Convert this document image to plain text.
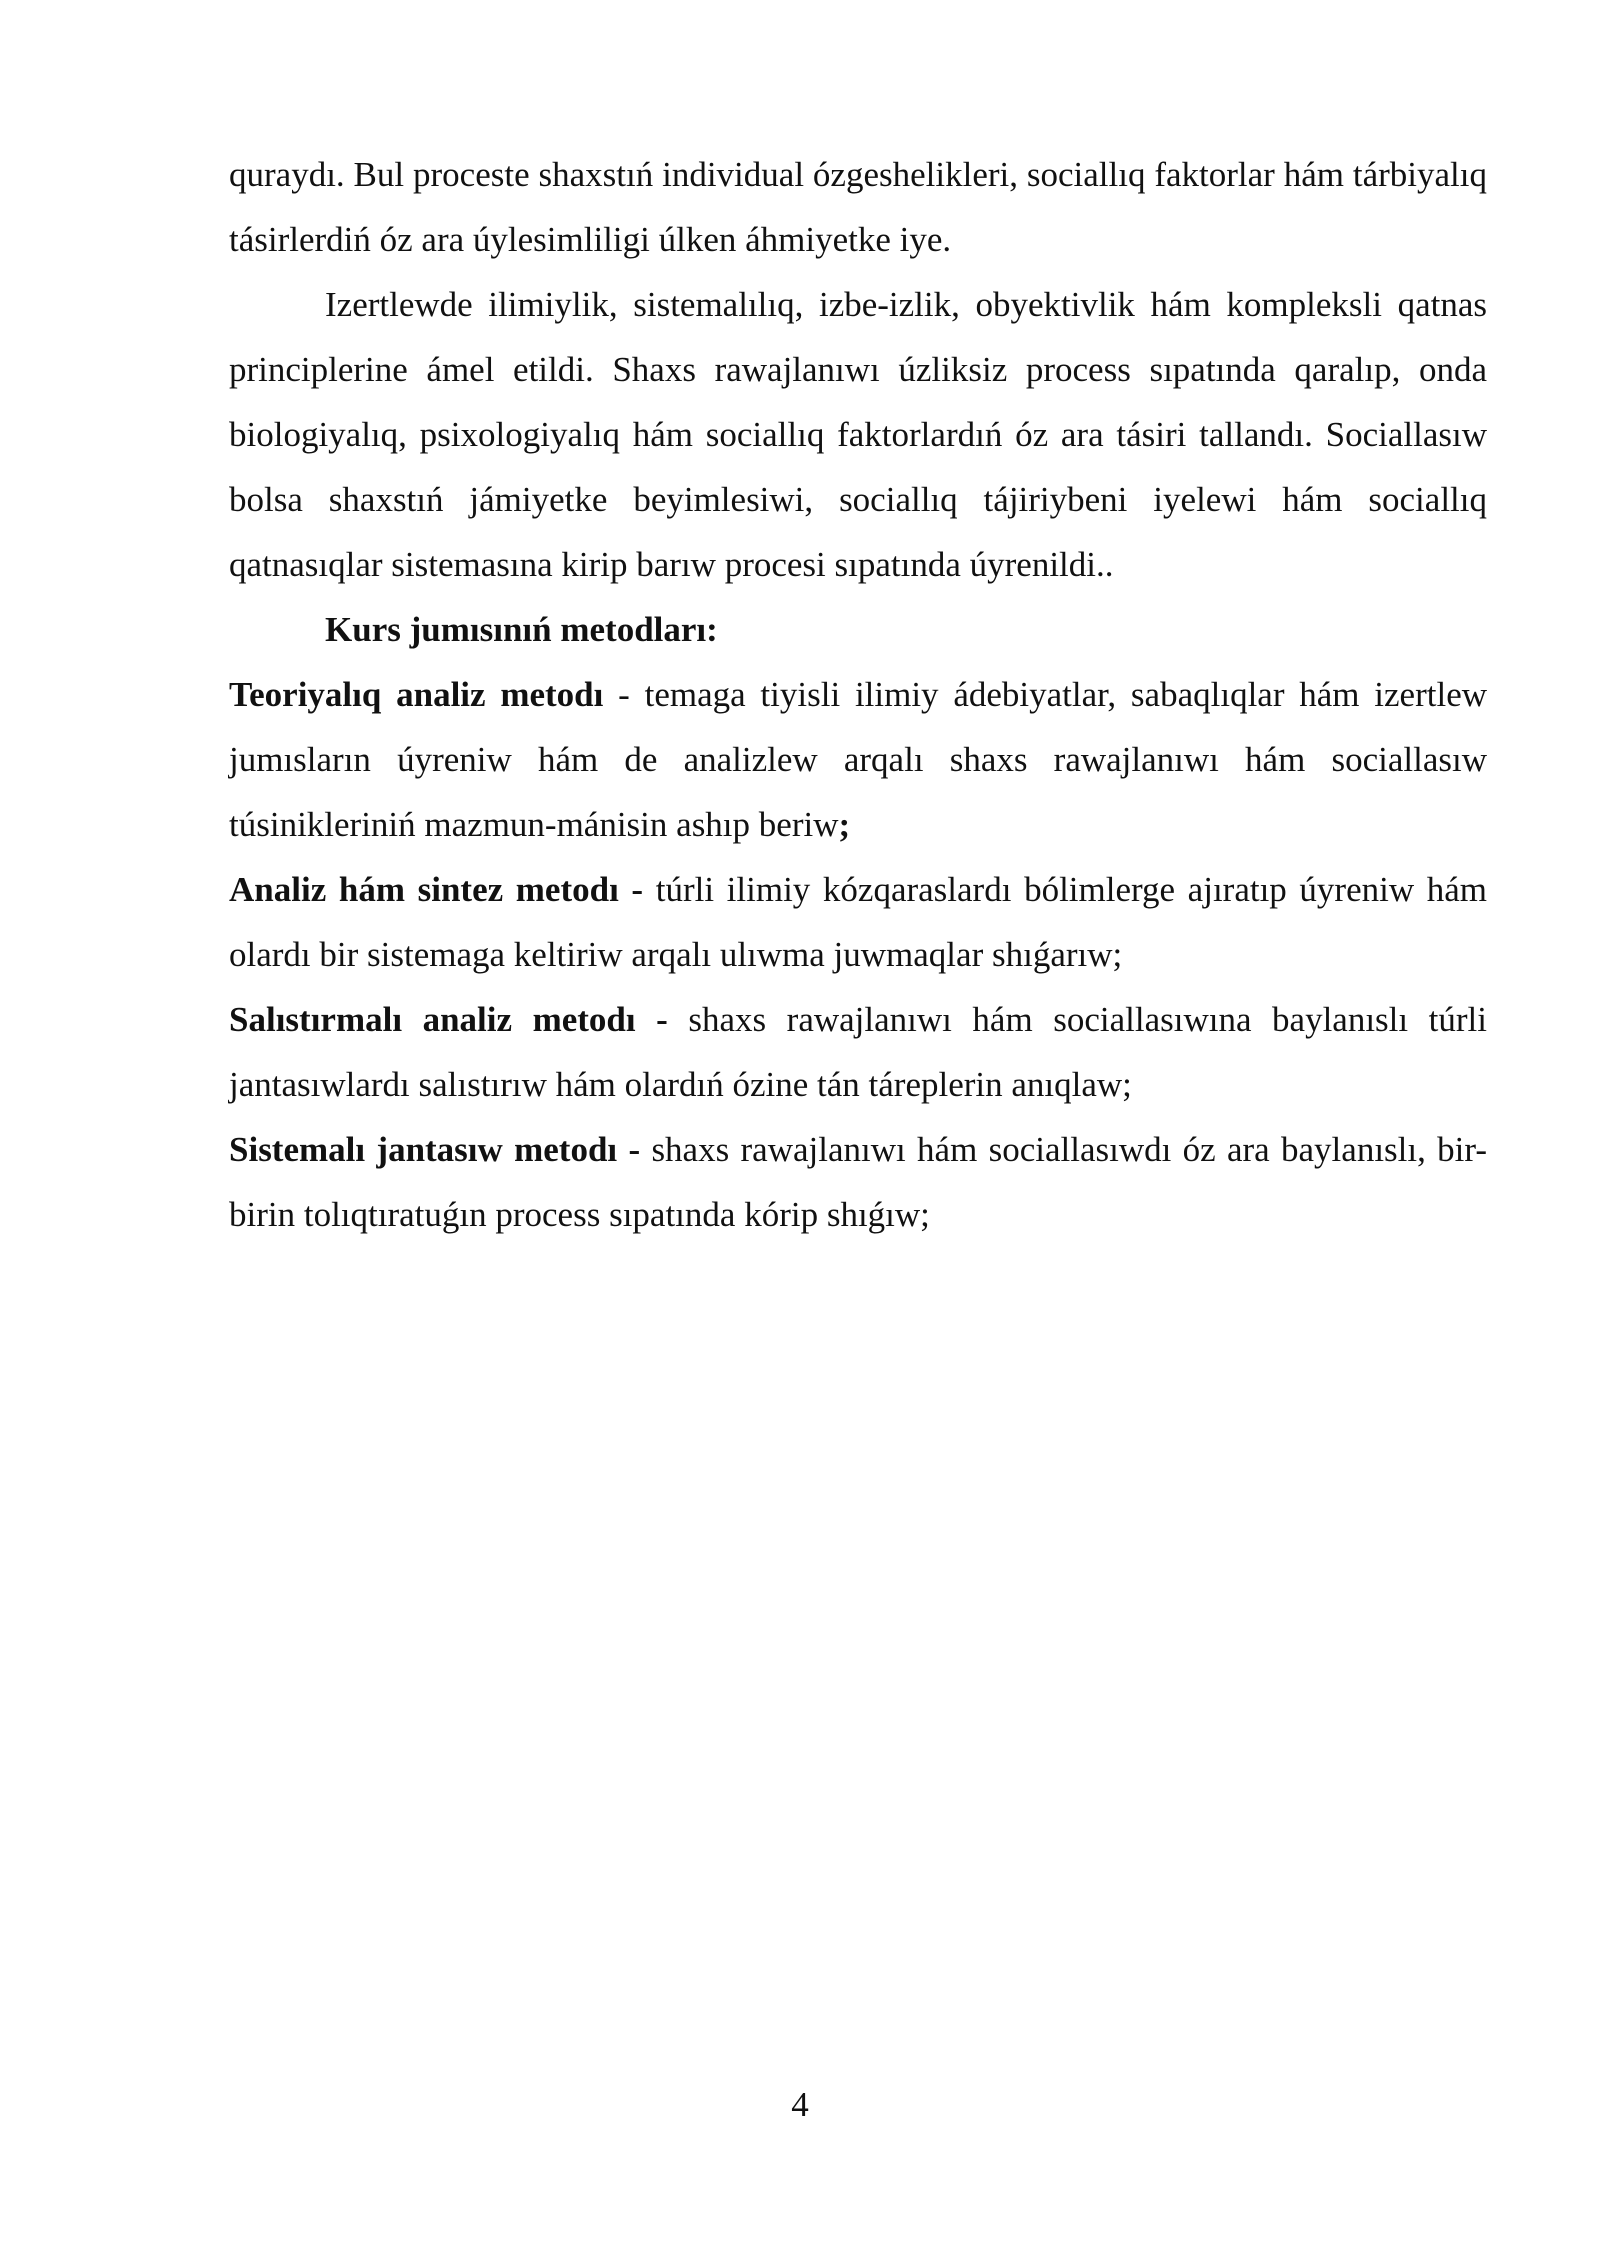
quraydı. Bul proceste shaxstıń individual ózgeshelikleri, sociallıq faktorlar hám tárbiyalıq tásirlerdiń óz ara úylesimliligi úlken áhmiyetke iye.

Izertlewde ilimiylik, sistemalılıq, izbe-izlik, obyektivlik hám kompleksli qatnas principlerine ámel etildi. Shaxs rawajlanıwı úzliksiz process sıpatında qaralıp, onda biologiyalıq, psixologiyalıq hám sociallıq faktorlardıń óz ara tásiri tallandı. Sociallasıw bolsa shaxstıń jámiyetke beyimlesiwi, sociallıq tájiriybeni iyelewi hám sociallıq qatnasıqlar sistemasına kirip barıw procesi sıpatında úyrenildi..

Kurs jumısınıń metodları:

Teoriyalıq analiz metodı - temaga tiyisli ilimiy ádebiyatlar, sabaqlıqlar hám izertlew jumısların úyreniw hám de analizlew arqalı shaxs rawajlanıwı hám sociallasıw túsinikleriniń mazmun-mánisin ashıp beriw;

Analiz hám sintez metodı - túrli ilimiy kózqaraslardı bólimlerge ajıratıp úyreniw hám olardı bir sistemaga keltiriw arqalı ulıwma juwmaqlar shıǵarıw;

Salıstırmalı analiz metodı - shaxs rawajlanıwı hám sociallasıwına baylanıslı túrli jantasıwlardı salıstırıw hám olardıń ózine tán táreplerin anıqlaw;

Sistemalı jantasıw metodı - shaxs rawajlanıwı hám sociallasıwdı óz ara baylanıslı, bir-birin tolıqtıratuǵın process sıpatında kórip shıǵıw;

4
